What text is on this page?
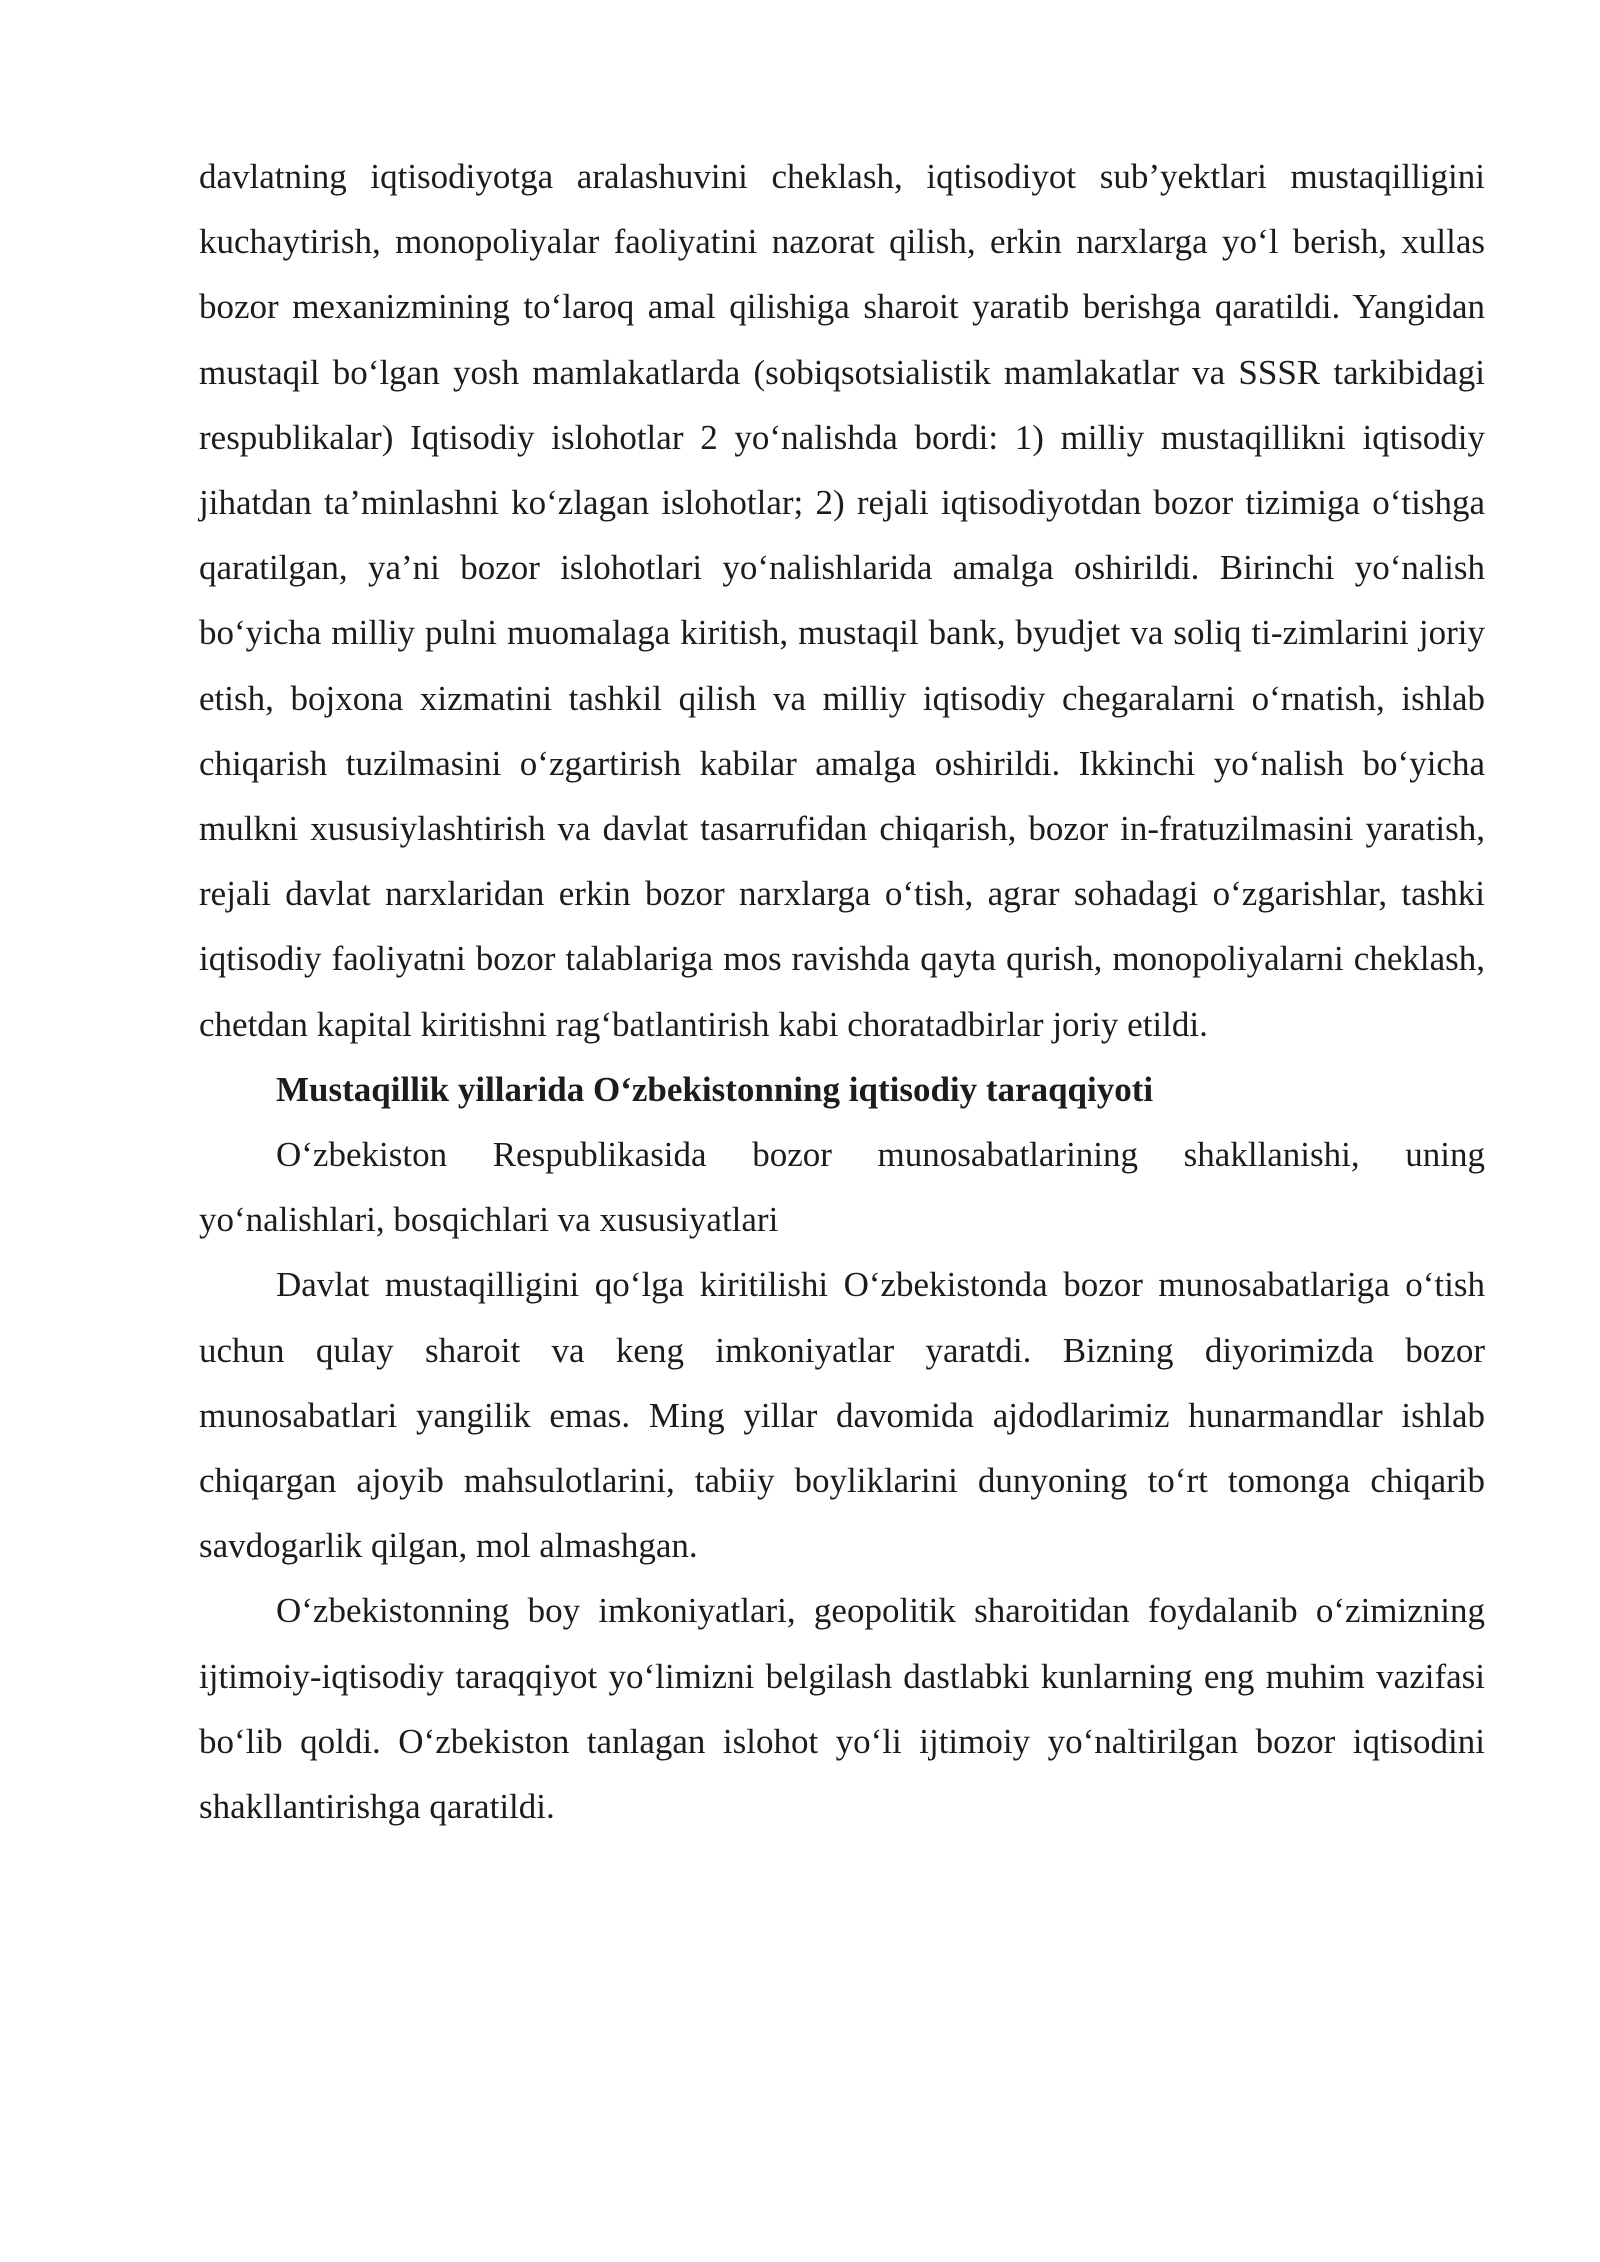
davlatning iqtisodiyotga aralashuvini cheklash, iqtisodiyot sub’yektlari mustaqilligini kuchaytirish, monopoliyalar faoliyatini nazorat qilish, erkin narxlarga yo‘l berish, xullas bozor mexanizmining to‘laroq amal qilishiga sharoit yaratib berishga qaratildi. Yangidan mustaqil bo‘lgan yosh mamlakatlarda (sobiqsotsialistik mamlakatlar va SSSR tarkibidagi respublikalar) Iqtisodiy islohotlar 2 yo‘nalishda bordi: 1) milliy mustaqillikni iqtisodiy jihatdan ta’minlashni ko‘zlagan islohotlar; 2) rejali iqtisodiyotdan bozor tizimiga o‘tishga qaratilgan, ya’ni bozor islohotlari yo‘nalishlarida amalga oshirildi. Birinchi yo‘nalish bo‘yicha milliy pulni muomalaga kiritish, mustaqil bank, byudjet va soliq ti-zimlarini joriy etish, bojxona xizmatini tashkil qilish va milliy iqtisodiy chegaralarni o‘rnatish, ishlab chiqarish tuzilmasini o‘zgartirish kabilar amalga oshirildi. Ikkinchi yo‘nalish bo‘yicha mulkni xususiylashtirish va davlat tasarrufidan chiqarish, bozor in-fratuzilmasini yaratish, rejali davlat narxlaridan erkin bozor narxlarga o‘tish, agrar sohadagi o‘zgarishlar, tashki iqtisodiy faoliyatni bozor talablariga mos ravishda qayta qurish, monopoliyalarni cheklash, chetdan kapital kiritishni rag‘batlantirish kabi choratadbirlar joriy etildi.

Mustaqillik yillarida O‘zbekistonning iqtisodiy taraqqiyoti

O‘zbekiston Respublikasida bozor munosabatlarining shakllanishi, uning yo‘nalishlari, bosqichlari va xususiyatlari

Davlat mustaqilligini qo‘lga kiritilishi O‘zbekistonda bozor munosabatlariga o‘tish uchun qulay sharoit va keng imkoniyatlar yaratdi. Bizning diyorimizda bozor munosabatlari yangilik emas. Ming yillar davomida ajdodlarimiz hunarmandlar ishlab chiqargan ajoyib mahsulotlarini, tabiiy boyliklarini dunyoning to‘rt tomonga chiqarib savdogarlik qilgan, mol almashgan.

O‘zbekistonning boy imkoniyatlari, geopolitik sharoitidan foydalanib o‘zimizning ijtimoiy-iqtisodiy taraqqiyot yo‘limizni belgilash dastlabki kunlarning eng muhim vazifasi bo‘lib qoldi. O‘zbekiston tanlagan islohot yo‘li ijtimoiy yo‘naltirilgan bozor iqtisodini shakllantirishga qaratildi.
